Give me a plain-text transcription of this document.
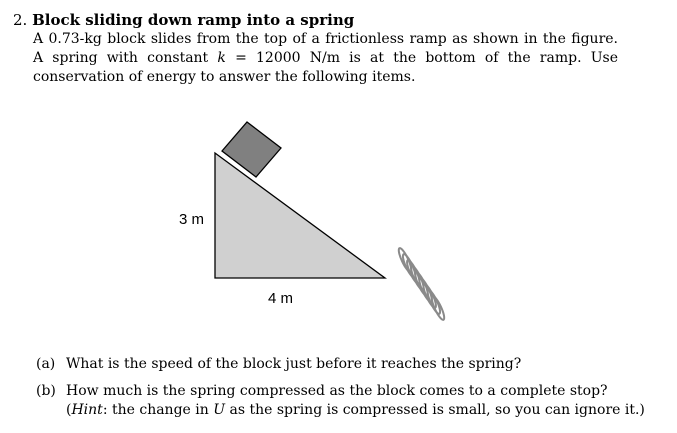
2. Block sliding down ramp into a spring
A 0.73-kg block slides from the top of a frictionless ramp as shown in the figure. A spring with constant k = 12000 N/m is at the bottom of the ramp. Use conservation of energy to answer the following items.
3 m
4 m
(a) What is the speed of the block just before it reaches the spring?
(b) How much is the spring compressed as the block comes to a complete stop?
(Hint: the change in U as the spring is compressed is small, so you can ignore it.)
